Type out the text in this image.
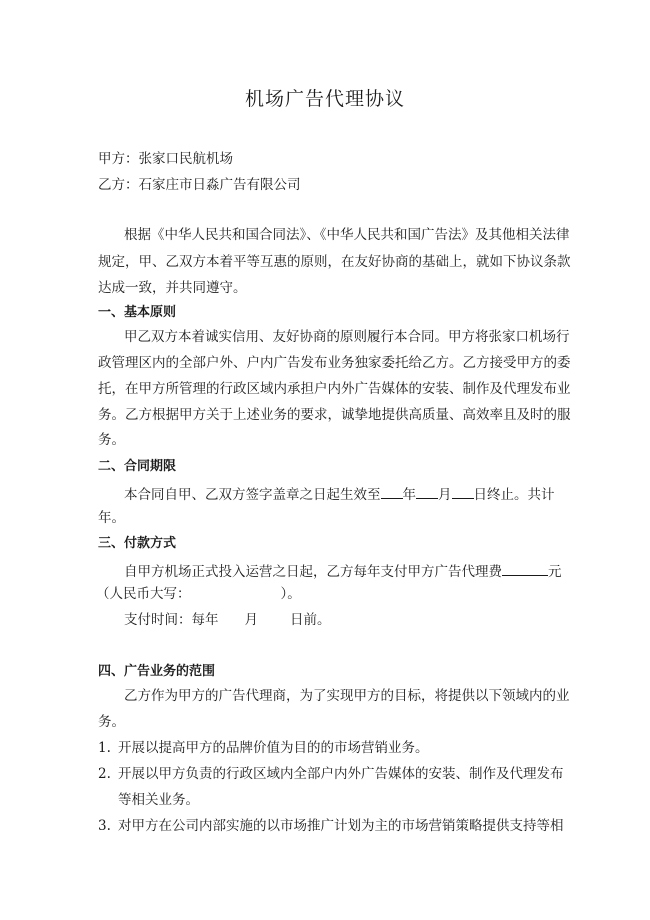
机场广告代理协议
甲方：张家口民航机场
乙方：石家庄市日淼广告有限公司
根据《中华人民共和国合同法》、《中华人民共和国广告法》及其他相关法律
规定，甲、乙双方本着平等互惠的原则，在友好协商的基础上，就如下协议条款
达成一致，并共同遵守。
一、基本原则
甲乙双方本着诚实信用、友好协商的原则履行本合同。甲方将张家口机场行
政管理区内的全部户外、户内广告发布业务独家委托给乙方。乙方接受甲方的委
托，在甲方所管理的行政区域内承担户内外广告媒体的安装、制作及代理发布业
务。乙方根据甲方关于上述业务的要求，诚挚地提供高质量、高效率且及时的服
务。
二、合同期限
本合同自甲、乙双方签字盖章之日起生效至 年 月 日终止。共计
年。
三、付款方式
自甲方机场正式投入运营之日起，乙方每年支付甲方广告代理费	元
（人民币大写：	）。
支付时间：每年 月 日前。
四、广告业务的范围
乙方作为甲方的广告代理商，为了实现甲方的目标，将提供以下领域内的业
务。
1. 开展以提高甲方的品牌价值为目的的市场营销业务。
2. 开展以甲方负责的行政区域内全部户内外广告媒体的安装、制作及代理发布
等相关业务。
3. 对甲方在公司内部实施的以市场推广计划为主的市场营销策略提供支持等相
